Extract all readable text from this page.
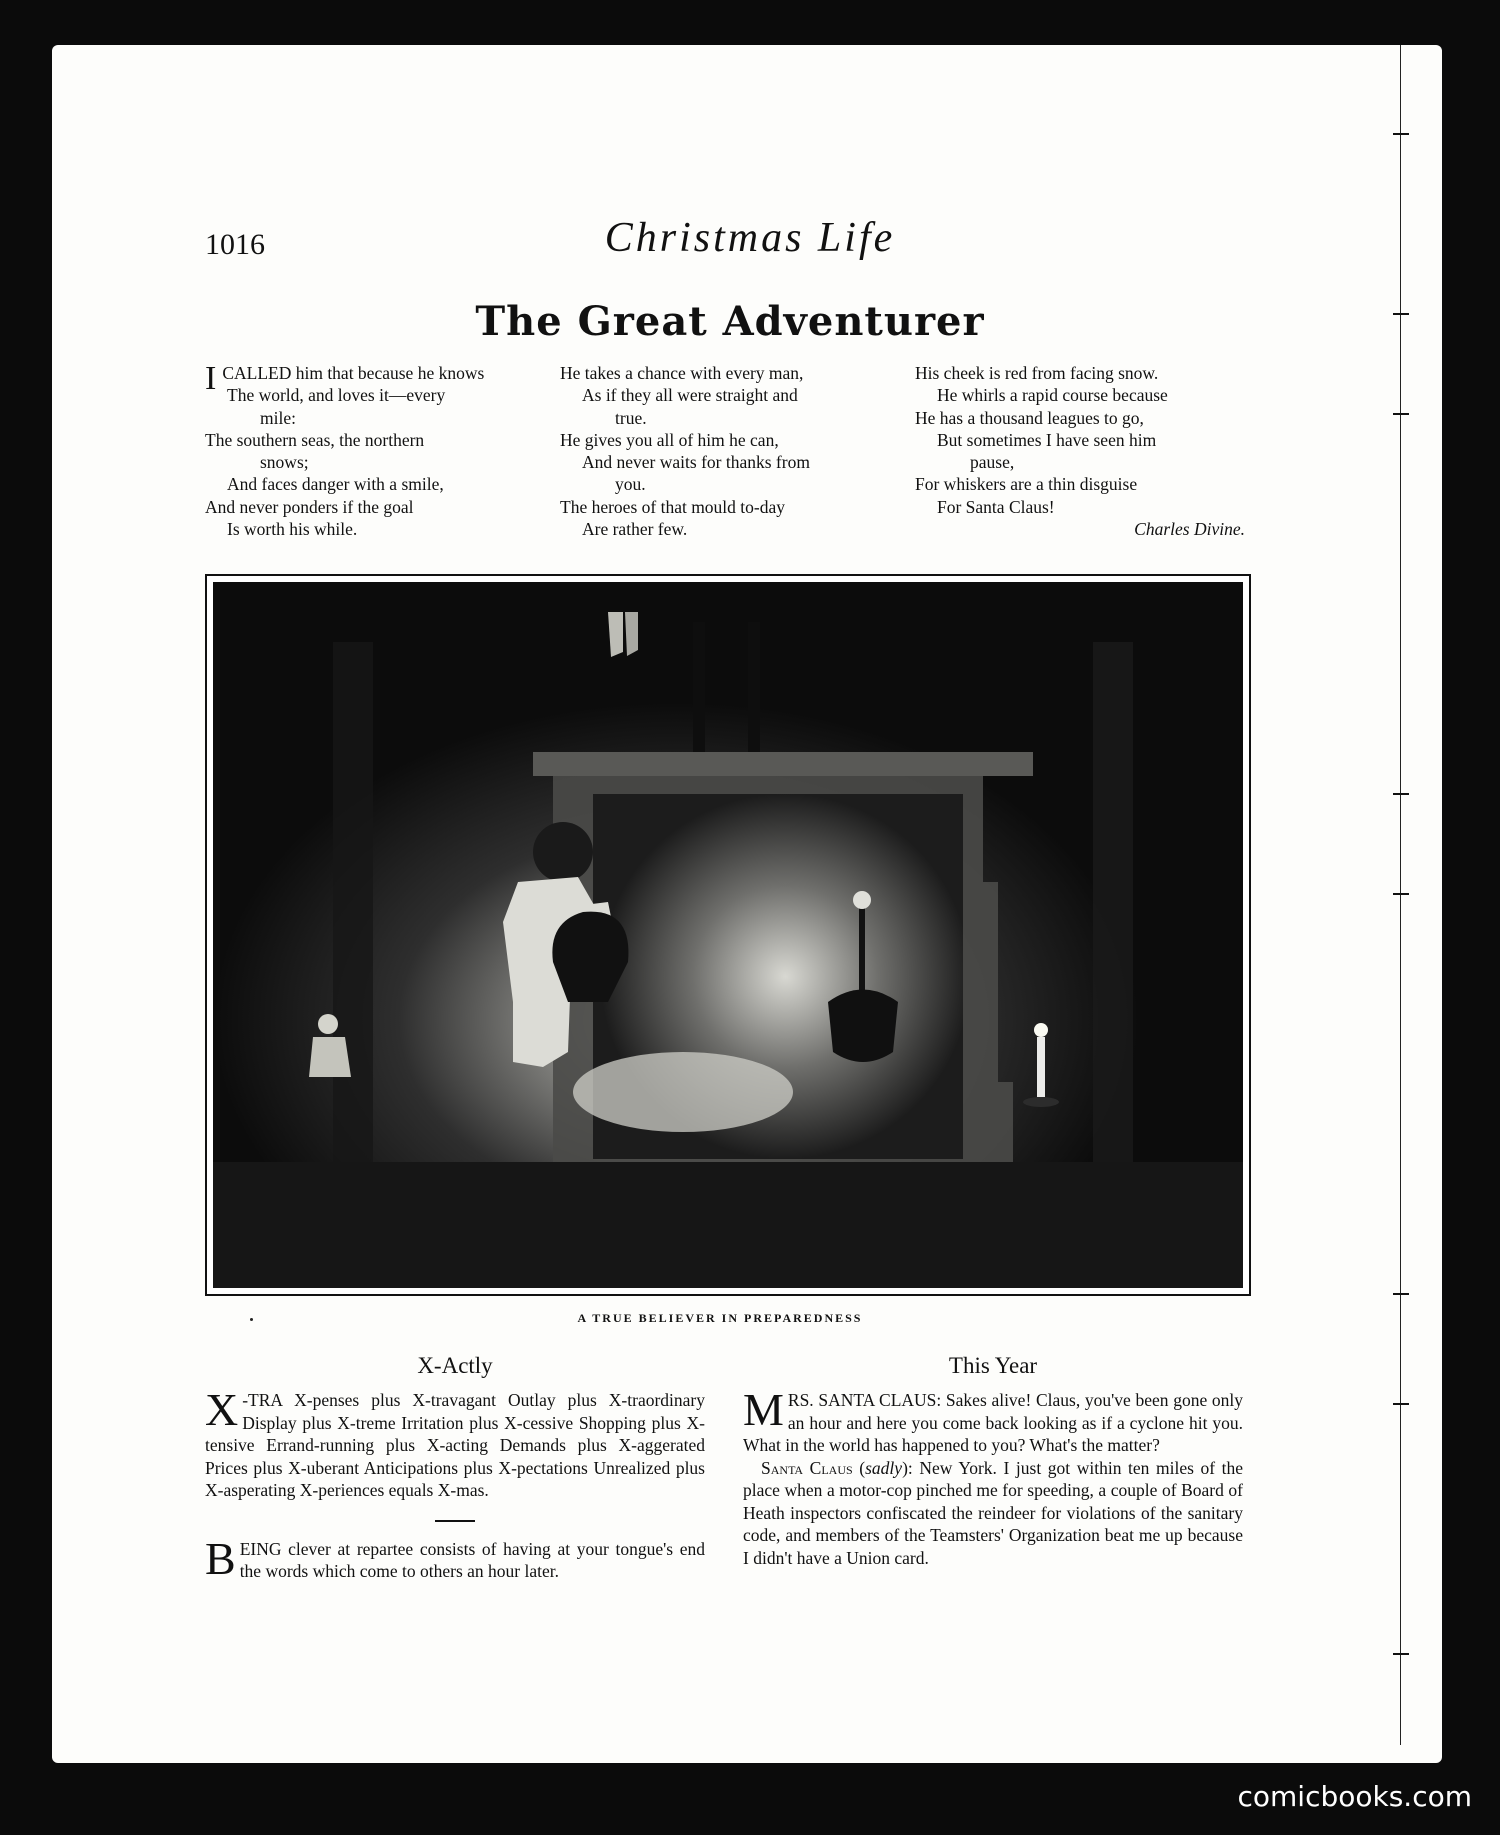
1016	Christmas Life
The Great Adventurer

ICALLED him that because he knows

The world, and loves it—every

mile:

The southern seas, the northern

snows;

And faces danger with a smile,

And never ponders if the goal

Is worth his while.

He takes a chance with every man,

As if they all were straight and

true.

He gives you all of him he can,

And never waits for thanks from

you.

The heroes of that mould to-day

Are rather few.

His cheek is red from facing snow.

He whirls a rapid course because

He has a thousand leagues to go,

But sometimes I have seen him

pause,

For whiskers are a thin disguise

For Santa Claus!

Charles Divine.

A TRUE BELIEVER IN PREPAREDNESS
X-Actly

X -TRA X-penses plus X-travagant Outlay plus X-traordinary Display plus X-treme Irritation plus X-cessive Shopping plus X-tensive Errand-running plus X-acting Demands plus X-aggerated Prices plus X-uberant Anticipations plus X-pectations Unrealized plus X-asperating X-periences equals X-mas.

BEING clever at repartee consists of having at your tongue's end the words which come to others an hour later.

This Year

MRS. SANTA CLAUS: Sakes alive! Claus, you've been gone only an hour and here you come back looking as if a cyclone hit you. What in the world has happened to you? What's the matter?

Santa Claus (sadly): New York. I just got within ten miles of the place when a motor-cop pinched me for speeding, a couple of Board of Heath inspectors confiscated the reindeer for violations of the sanitary code, and members of the Teamsters' Organization beat me up because I didn't have a Union card.

comicbooks.com
